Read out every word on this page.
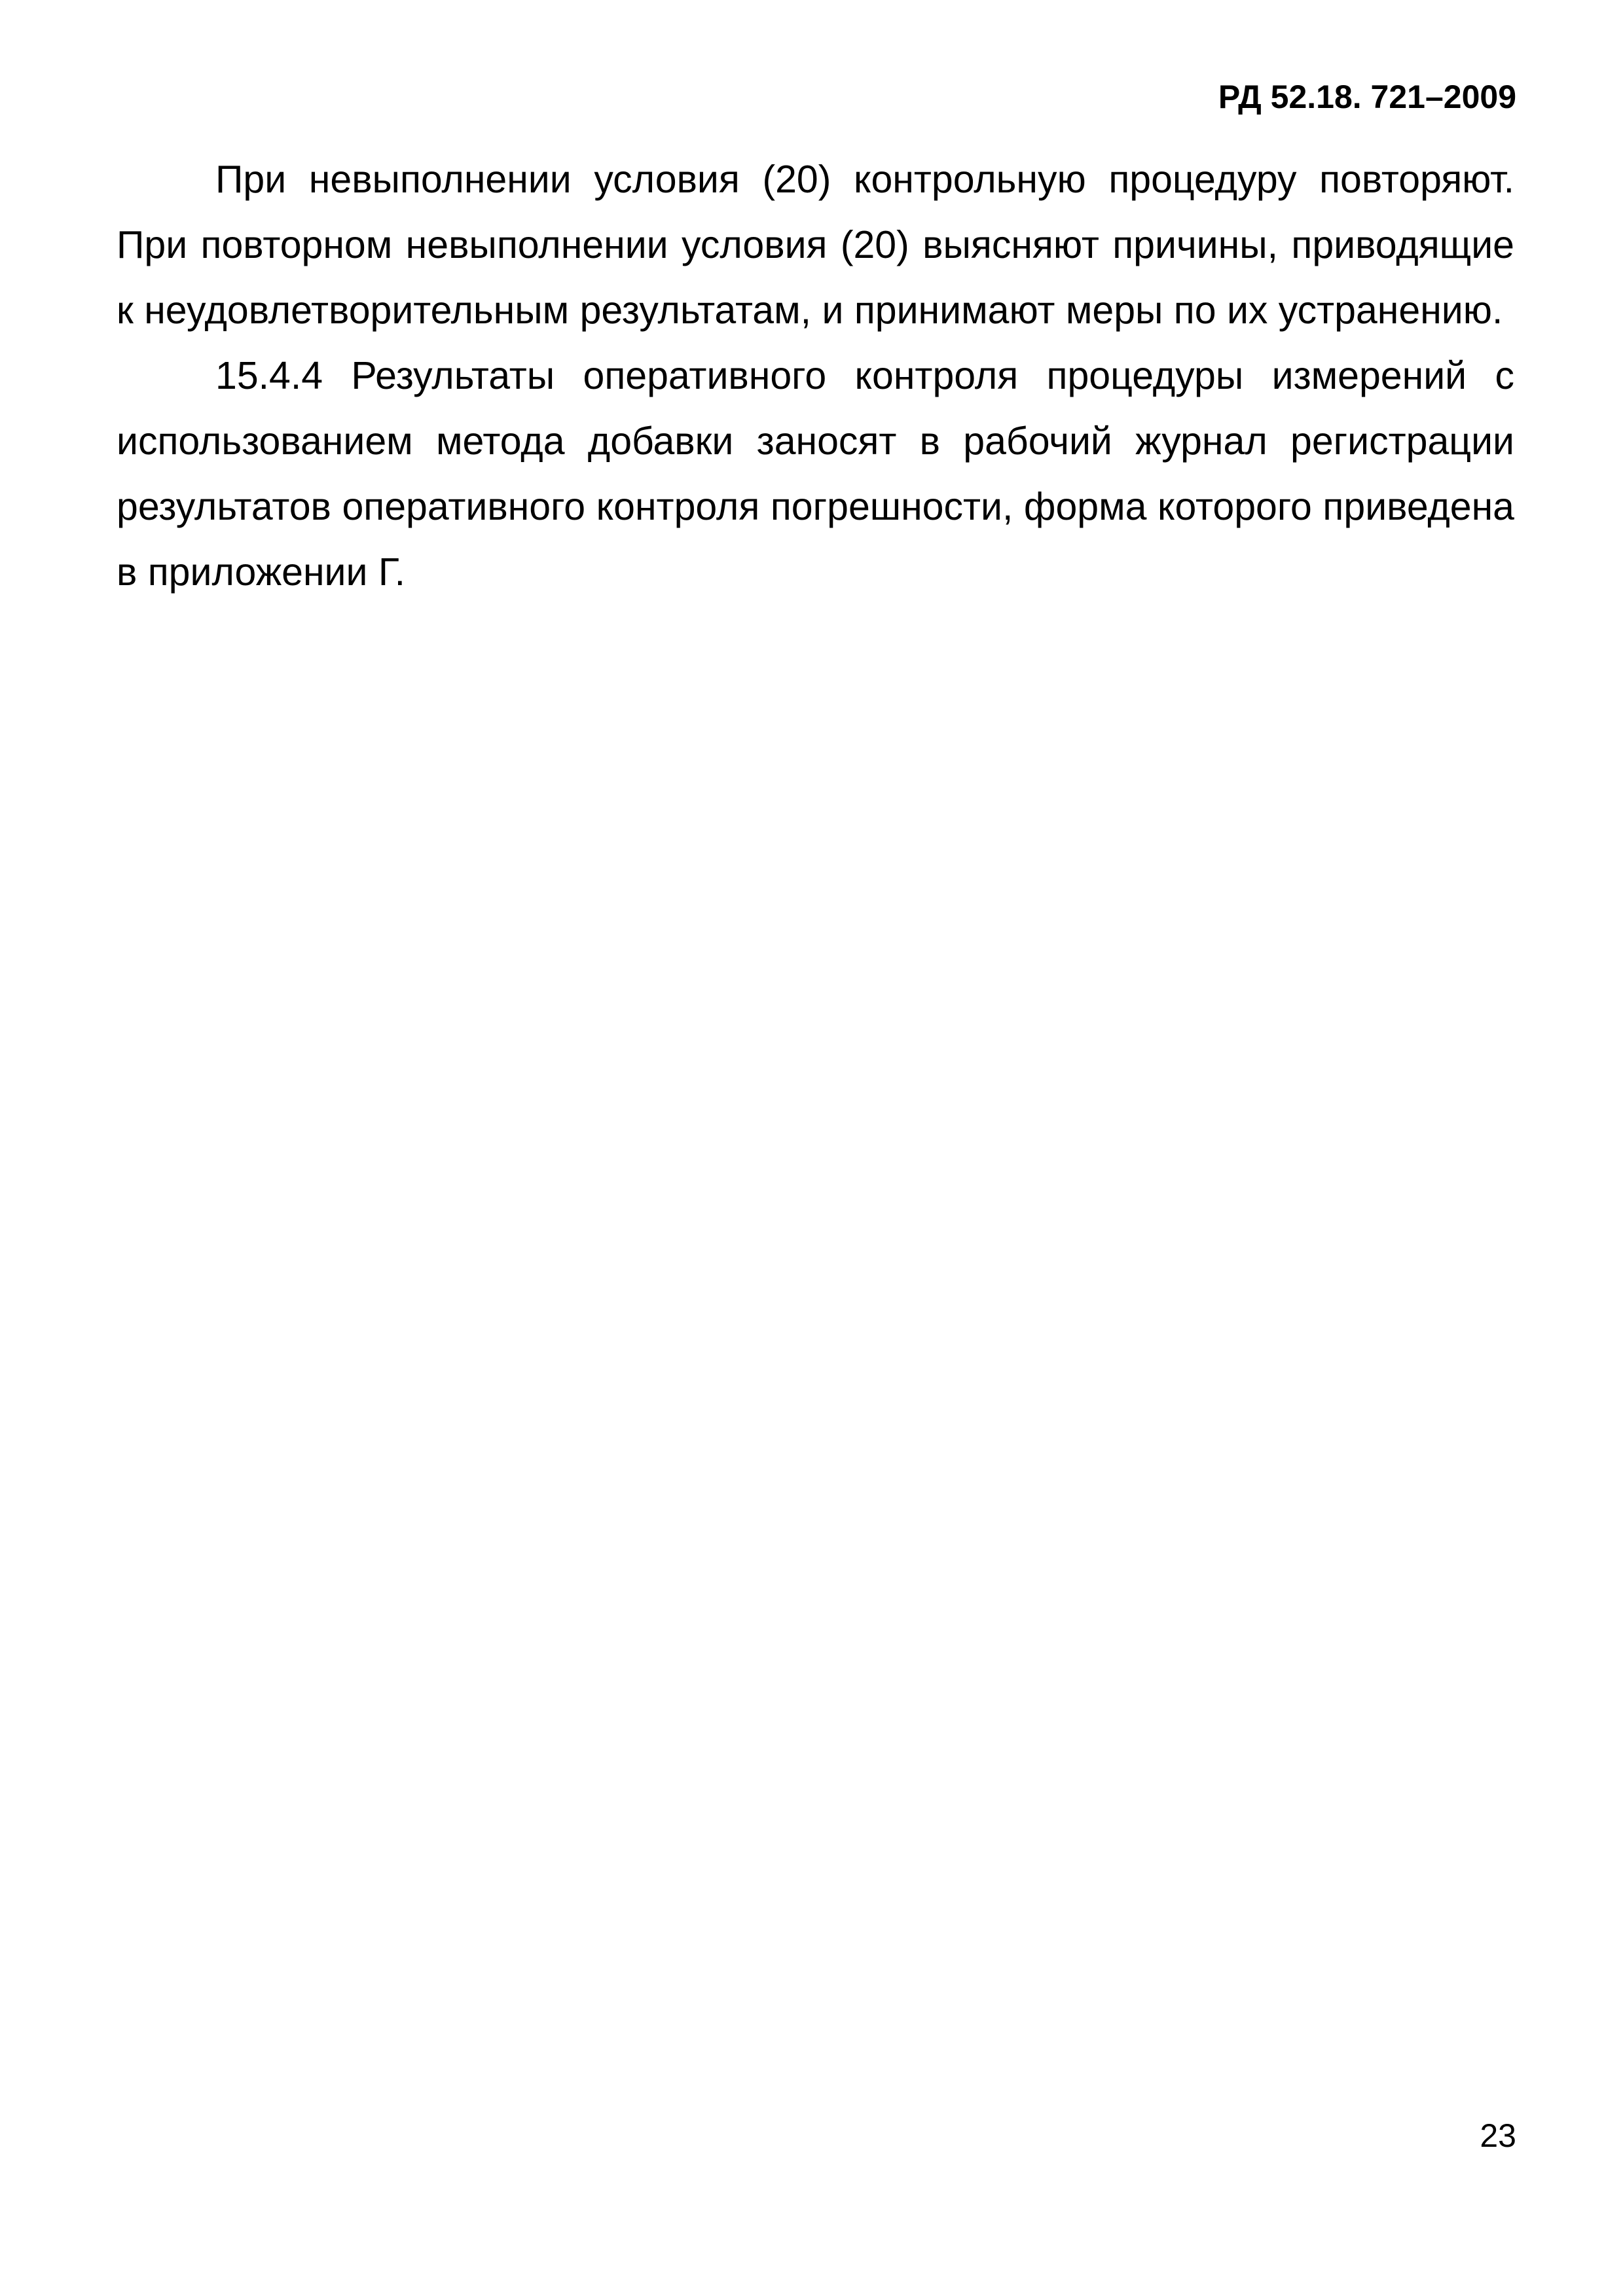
РД 52.18. 721–2009

При невыполнении условия (20) контрольную процедуру повторяют. При повторном невыполнении условия (20) выясняют причины, приводящие к неудовлетворительным результатам, и принимают меры по их устранению.

15.4.4 Результаты оперативного контроля процедуры измерений с использованием метода добавки заносят в рабочий журнал регистрации результатов оперативного контроля погрешности, форма которого приведена в приложении Г.

23
